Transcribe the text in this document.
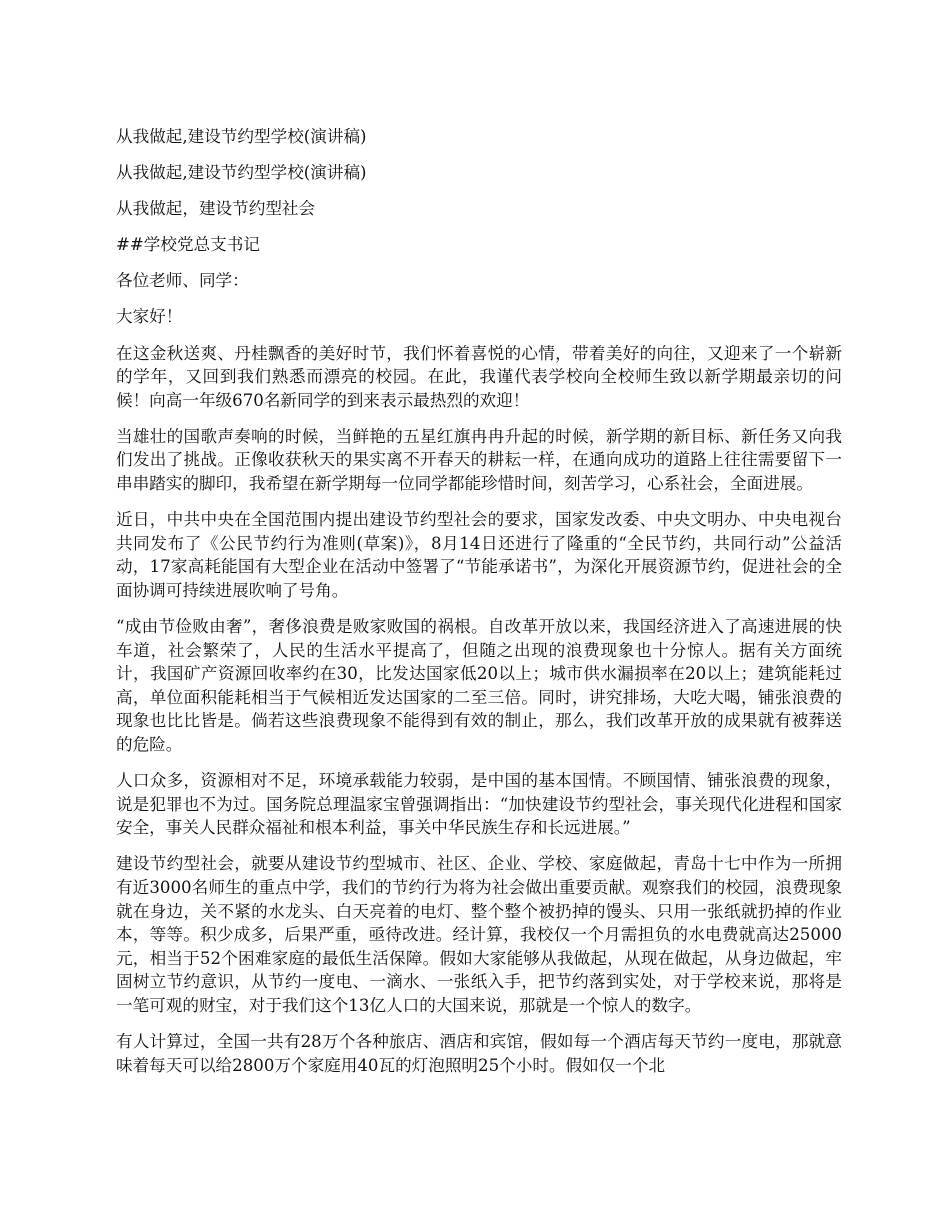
从我做起,建设节约型学校(演讲稿)

从我做起,建设节约型学校(演讲稿)

从我做起，建设节约型社会

##学校党总支书记

各位老师、同学：

大家好！

在这金秋送爽、丹桂飘香的美好时节，我们怀着喜悦的心情，带着美好的向往，又迎来了一个崭新的学年，又回到我们熟悉而漂亮的校园。在此，我谨代表学校向全校师生致以新学期最亲切的问候！向高一年级670名新同学的到来表示最热烈的欢迎！

当雄壮的国歌声奏响的时候，当鲜艳的五星红旗冉冉升起的时候，新学期的新目标、新任务又向我们发出了挑战。正像收获秋天的果实离不开春天的耕耘一样，在通向成功的道路上往往需要留下一串串踏实的脚印，我希望在新学期每一位同学都能珍惜时间，刻苦学习，心系社会，全面进展。

近日，中共中央在全国范围内提出建设节约型社会的要求，国家发改委、中央文明办、中央电视台共同发布了《公民节约行为准则(草案)》，8月14日还进行了隆重的“全民节约，共同行动”公益活动，17家高耗能国有大型企业在活动中签署了“节能承诺书”，为深化开展资源节约，促进社会的全面协调可持续进展吹响了号角。

“成由节俭败由奢”，奢侈浪费是败家败国的祸根。自改革开放以来，我国经济进入了高速进展的快车道，社会繁荣了，人民的生活水平提高了，但随之出现的浪费现象也十分惊人。据有关方面统计，我国矿产资源回收率约在30，比发达国家低20以上；城市供水漏损率在20以上；建筑能耗过高，单位面积能耗相当于气候相近发达国家的二至三倍。同时，讲究排场，大吃大喝，铺张浪费的现象也比比皆是。倘若这些浪费现象不能得到有效的制止，那么，我们改革开放的成果就有被葬送的危险。

人口众多，资源相对不足，环境承载能力较弱，是中国的基本国情。不顾国情、铺张浪费的现象，说是犯罪也不为过。国务院总理温家宝曾强调指出：“加快建设节约型社会，事关现代化进程和国家安全，事关人民群众福祉和根本利益，事关中华民族生存和长远进展。”

建设节约型社会，就要从建设节约型城市、社区、企业、学校、家庭做起，青岛十七中作为一所拥有近3000名师生的重点中学，我们的节约行为将为社会做出重要贡献。观察我们的校园，浪费现象就在身边，关不紧的水龙头、白天亮着的电灯、整个整个被扔掉的馒头、只用一张纸就扔掉的作业本，等等。积少成多，后果严重，亟待改进。经计算，我校仅一个月需担负的水电费就高达25000元，相当于52个困难家庭的最低生活保障。假如大家能够从我做起，从现在做起，从身边做起，牢固树立节约意识，从节约一度电、一滴水、一张纸入手，把节约落到实处，对于学校来说，那将是一笔可观的财宝，对于我们这个13亿人口的大国来说，那就是一个惊人的数字。

有人计算过，全国一共有28万个各种旅店、酒店和宾馆，假如每一个酒店每天节约一度电，那就意味着每天可以给2800万个家庭用40瓦的灯泡照明25个小时。假如仅一个北
